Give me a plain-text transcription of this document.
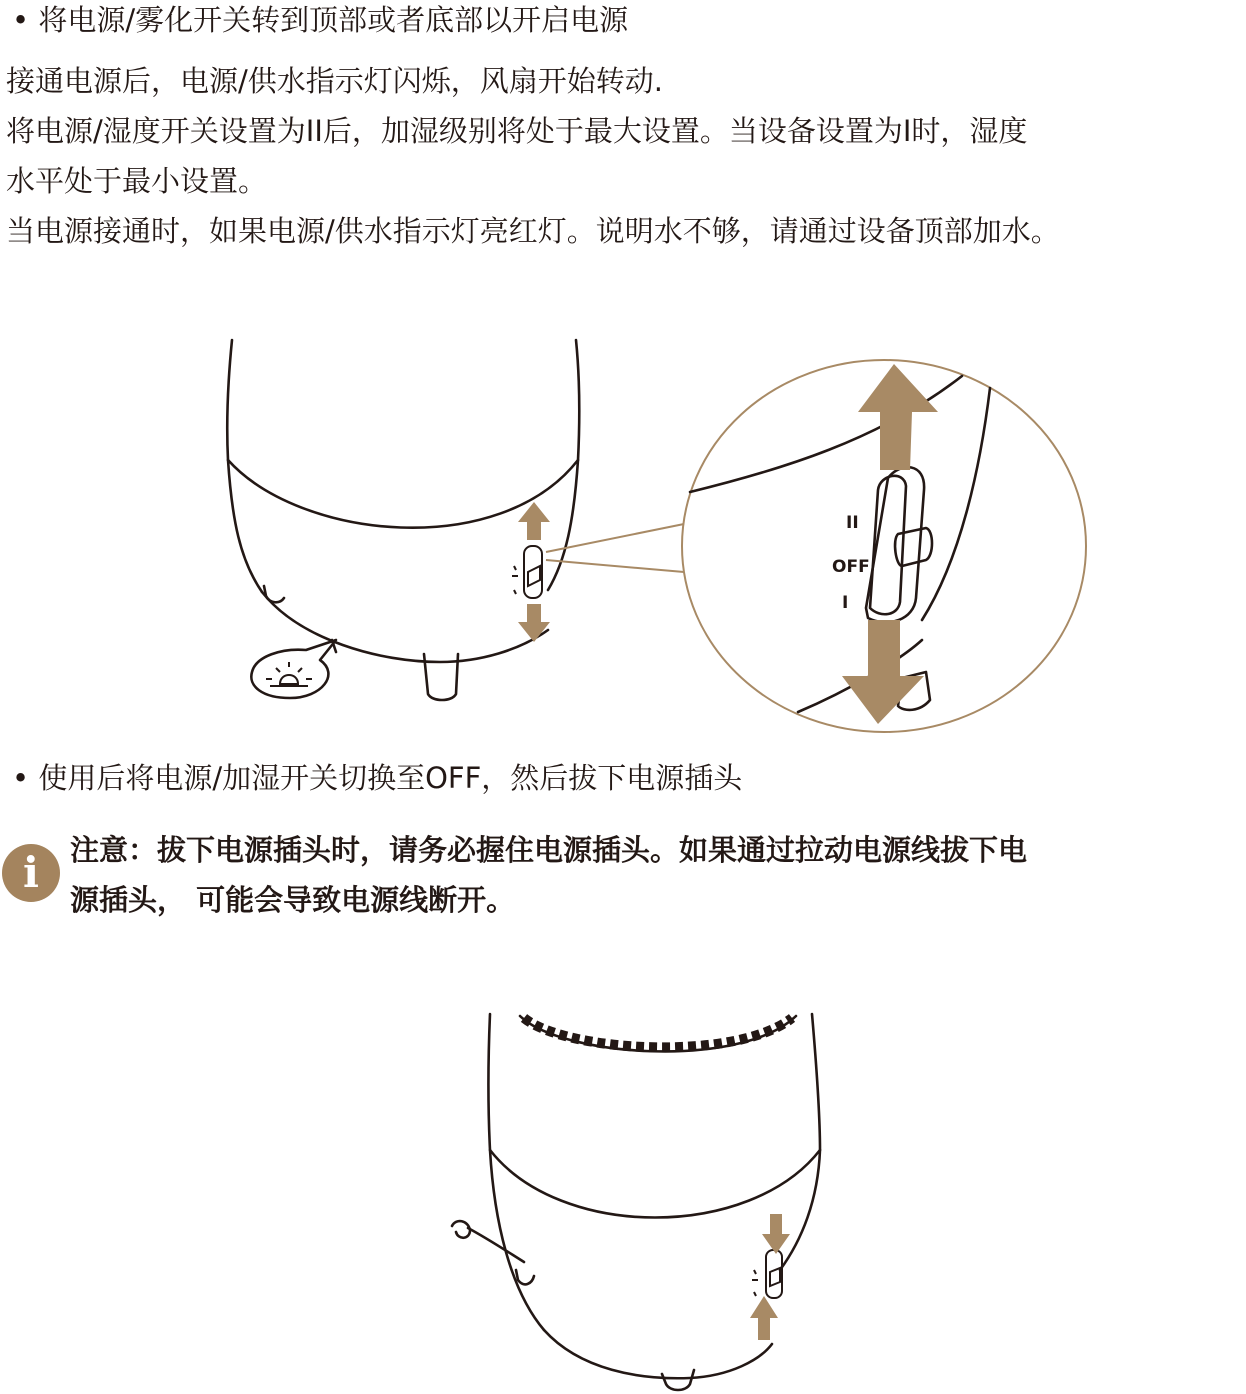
• 将电源/雾化开关转到顶部或者底部以开启电源
接通电源后，电源/供水指示灯闪烁，风扇开始转动.
将电源/湿度开关设置为II后，加湿级别将处于最大设置。当设备设置为I时，湿度
水平处于最小设置。
当电源接通时，如果电源/供水指示灯亮红灯。说明水不够，请通过设备顶部加水。
II
OFF
I
• 使用后将电源/加湿开关切换至OFF，然后拔下电源插头
i	注意：拔下电源插头时，请务必握住电源插头。如果通过拉动电源线拔下电
源插头， 可能会导致电源线断开。
